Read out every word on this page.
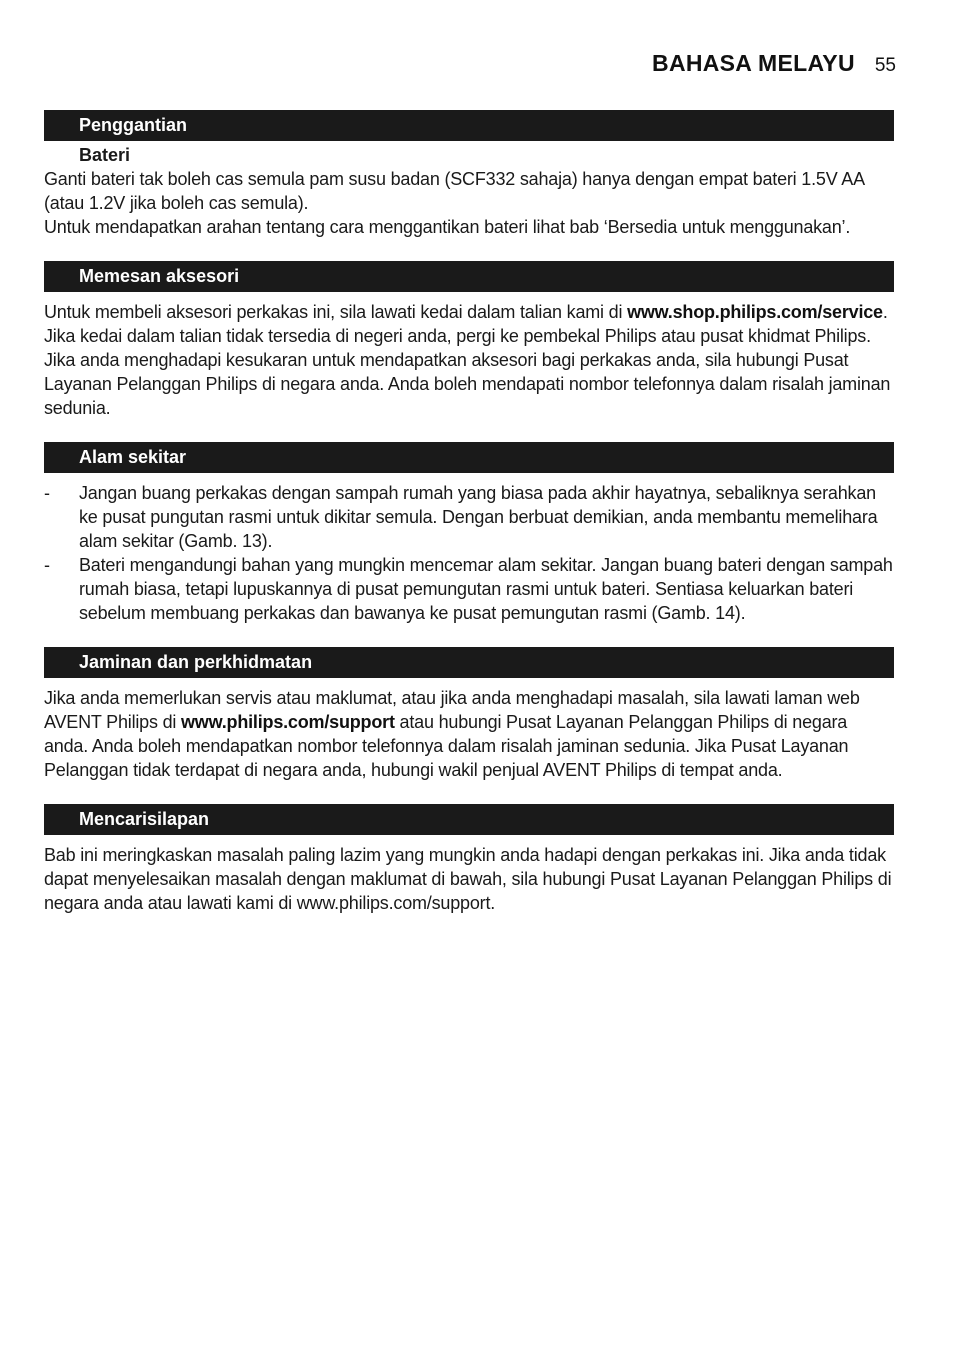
BAHASA MELAYU 55
Penggantian
Bateri

Ganti bateri tak boleh cas semula pam susu badan (SCF332 sahaja) hanya dengan empat bateri 1.5V AA (atau 1.2V jika boleh cas semula).

Untuk mendapatkan arahan tentang cara menggantikan bateri lihat bab ‘Bersedia untuk menggunakan’.

Memesan aksesori

Untuk membeli aksesori perkakas ini, sila lawati kedai dalam talian kami di www.shop.philips.com/service. Jika kedai dalam talian tidak tersedia di negeri anda, pergi ke pembekal Philips atau pusat khidmat Philips. Jika anda menghadapi kesukaran untuk mendapatkan aksesori bagi perkakas anda, sila hubungi Pusat Layanan Pelanggan Philips di negara anda. Anda boleh mendapati nombor telefonnya dalam risalah jaminan sedunia.

Alam sekitar
- Jangan buang perkakas dengan sampah rumah yang biasa pada akhir hayatnya, sebaliknya serahkan ke pusat pungutan rasmi untuk dikitar semula. Dengan berbuat demikian, anda membantu memelihara alam sekitar (Gamb. 13).
- Bateri mengandungi bahan yang mungkin mencemar alam sekitar. Jangan buang bateri dengan sampah rumah biasa, tetapi lupuskannya di pusat pemungutan rasmi untuk bateri. Sentiasa keluarkan bateri sebelum membuang perkakas dan bawanya ke pusat pemungutan rasmi (Gamb. 14).
Jaminan dan perkhidmatan

Jika anda memerlukan servis atau maklumat, atau jika anda menghadapi masalah, sila lawati laman web AVENT Philips di www.philips.com/support atau hubungi Pusat Layanan Pelanggan Philips di negara anda. Anda boleh mendapatkan nombor telefonnya dalam risalah jaminan sedunia. Jika Pusat Layanan Pelanggan tidak terdapat di negara anda, hubungi wakil penjual AVENT Philips di tempat anda.

Mencarisilapan

Bab ini meringkaskan masalah paling lazim yang mungkin anda hadapi dengan perkakas ini. Jika anda tidak dapat menyelesaikan masalah dengan maklumat di bawah, sila hubungi Pusat Layanan Pelanggan Philips di negara anda atau lawati kami di www.philips.com/support.
